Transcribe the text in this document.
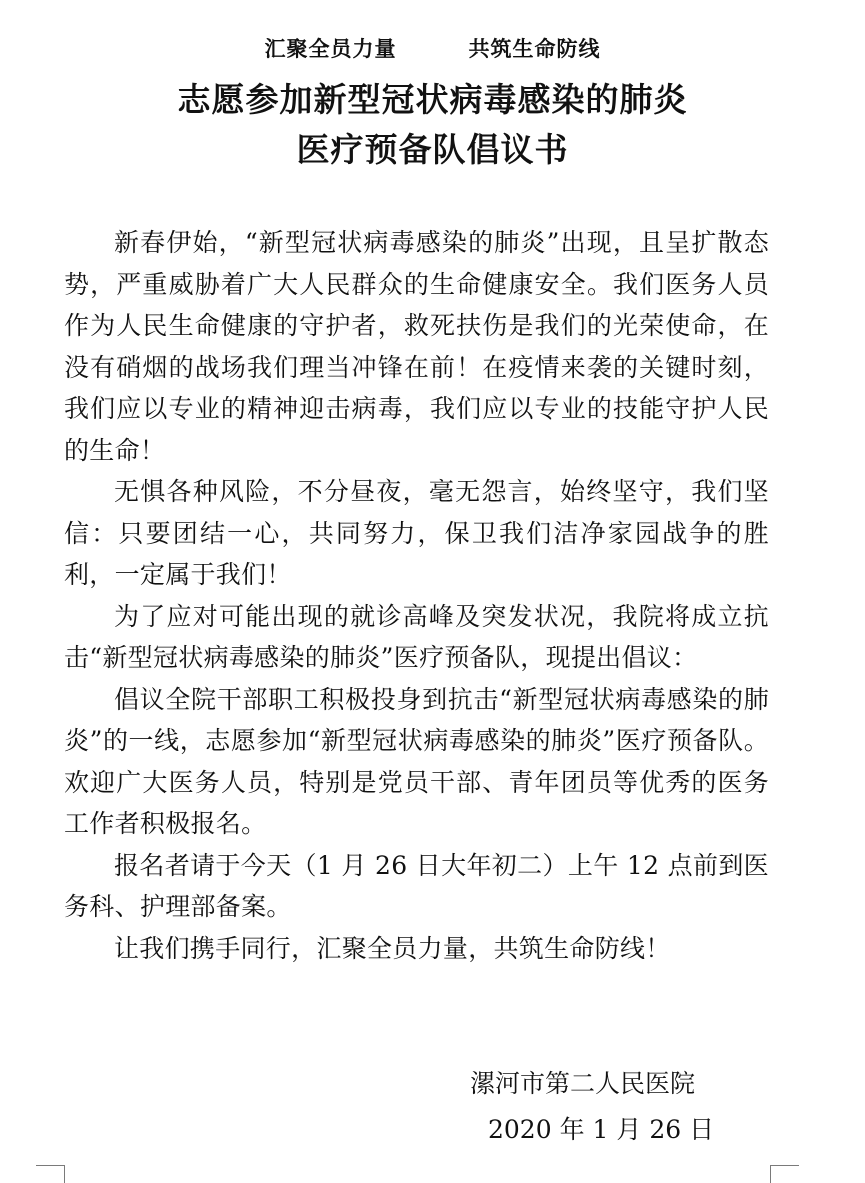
汇聚全员力量	共筑生命防线
志愿参加新型冠状病毒感染的肺炎
医疗预备队倡议书

新春伊始，“新型冠状病毒感染的肺炎”出现，且呈扩散态势，严重威胁着广大人民群众的生命健康安全。我们医务人员作为人民生命健康的守护者，救死扶伤是我们的光荣使命，在没有硝烟的战场我们理当冲锋在前！在疫情来袭的关键时刻，我们应以专业的精神迎击病毒，我们应以专业的技能守护人民的生命！

无惧各种风险，不分昼夜，毫无怨言，始终坚守，我们坚信：只要团结一心，共同努力，保卫我们洁净家园战争的胜利，一定属于我们！

为了应对可能出现的就诊高峰及突发状况，我院将成立抗击“新型冠状病毒感染的肺炎”医疗预备队，现提出倡议：

倡议全院干部职工积极投身到抗击“新型冠状病毒感染的肺炎”的一线，志愿参加“新型冠状病毒感染的肺炎”医疗预备队。欢迎广大医务人员，特别是党员干部、青年团员等优秀的医务工作者积极报名。

报名者请于今天（1 月 26 日大年初二）上午 12 点前到医务科、护理部备案。

让我们携手同行，汇聚全员力量，共筑生命防线！

漯河市第二人民医院
2020 年 1 月 26 日
